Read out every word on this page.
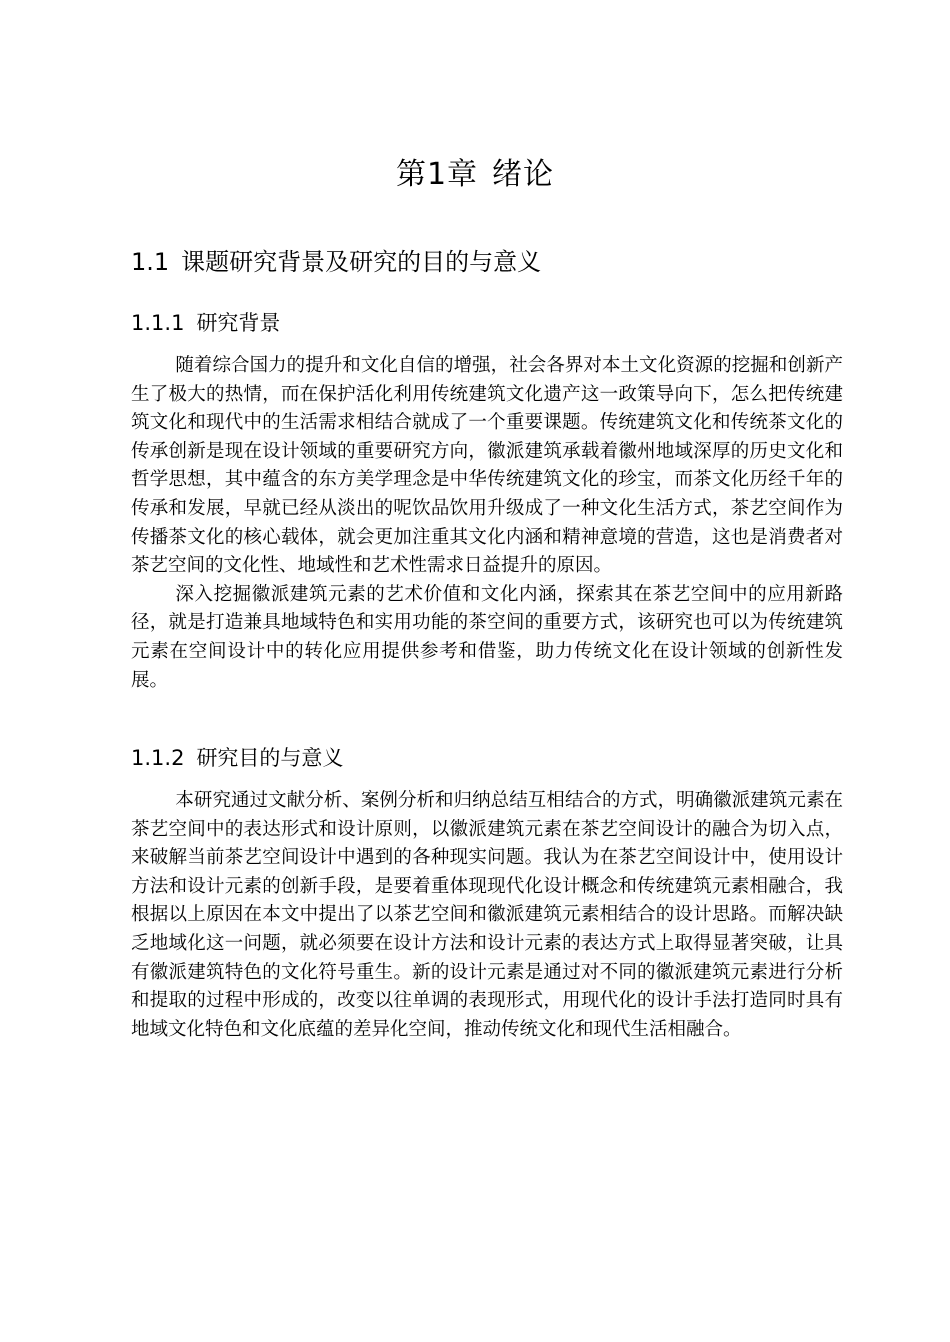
第1章 绪论
1.1 课题研究背景及研究的目的与意义
1.1.1 研究背景

随着综合国力的提升和文化自信的增强，社会各界对本土文化资源的挖掘和创新产生了极大的热情，而在保护活化利用传统建筑文化遗产这一政策导向下，怎么把传统建筑文化和现代中的生活需求相结合就成了一个重要课题。传统建筑文化和传统茶文化的传承创新是现在设计领域的重要研究方向，徽派建筑承载着徽州地域深厚的历史文化和哲学思想，其中蕴含的东方美学理念是中华传统建筑文化的珍宝，而茶文化历经千年的传承和发展，早就已经从淡出的呢饮品饮用升级成了一种文化生活方式，茶艺空间作为传播茶文化的核心载体，就会更加注重其文化内涵和精神意境的营造，这也是消费者对茶艺空间的文化性、地域性和艺术性需求日益提升的原因。

深入挖掘徽派建筑元素的艺术价值和文化内涵，探索其在茶艺空间中的应用新路径，就是打造兼具地域特色和实用功能的茶空间的重要方式，该研究也可以为传统建筑元素在空间设计中的转化应用提供参考和借鉴，助力传统文化在设计领域的创新性发展。

1.1.2 研究目的与意义

本研究通过文献分析、案例分析和归纳总结互相结合的方式，明确徽派建筑元素在茶艺空间中的表达形式和设计原则，以徽派建筑元素在茶艺空间设计的融合为切入点，来破解当前茶艺空间设计中遇到的各种现实问题。我认为在茶艺空间设计中，使用设计方法和设计元素的创新手段，是要着重体现现代化设计概念和传统建筑元素相融合，我根据以上原因在本文中提出了以茶艺空间和徽派建筑元素相结合的设计思路。而解决缺乏地域化这一问题，就必须要在设计方法和设计元素的表达方式上取得显著突破，让具有徽派建筑特色的文化符号重生。新的设计元素是通过对不同的徽派建筑元素进行分析和提取的过程中形成的，改变以往单调的表现形式，用现代化的设计手法打造同时具有地域文化特色和文化底蕴的差异化空间，推动传统文化和现代生活相融合。
